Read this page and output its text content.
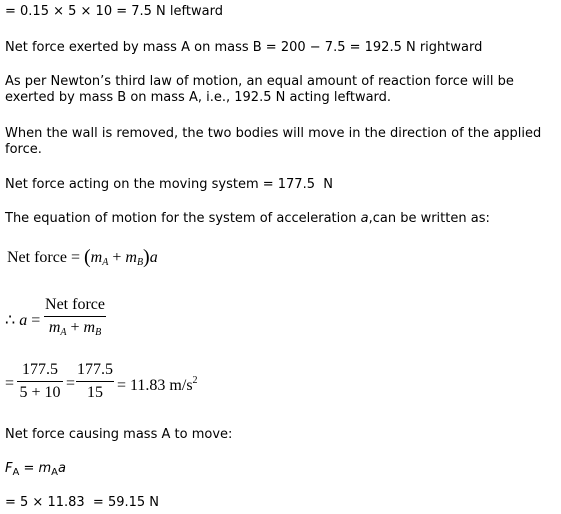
= 0.15 × 5 × 10 = 7.5 N leftward

Net force exerted by mass A on mass B = 200 − 7.5 = 192.5 N rightward

As per Newton’s third law of motion, an equal amount of reaction force will be exerted by mass B on mass A, i.e., 192.5 N acting leftward.

When the wall is removed, the two bodies will move in the direction of the applied force.

Net force acting on the moving system = 177.5  N

The equation of motion for the system of acceleration a,can be written as:

Net force = $(m_A + m_B)a$
∴ a =
Net force
$m_A + m_B$
=
177.5
5 + 10
=
177.5
15 = 11.83 $m/s^2$

Net force causing mass A to move:

$F_A = m_Aa$

= 5 × 11.83  = 59.15 N
